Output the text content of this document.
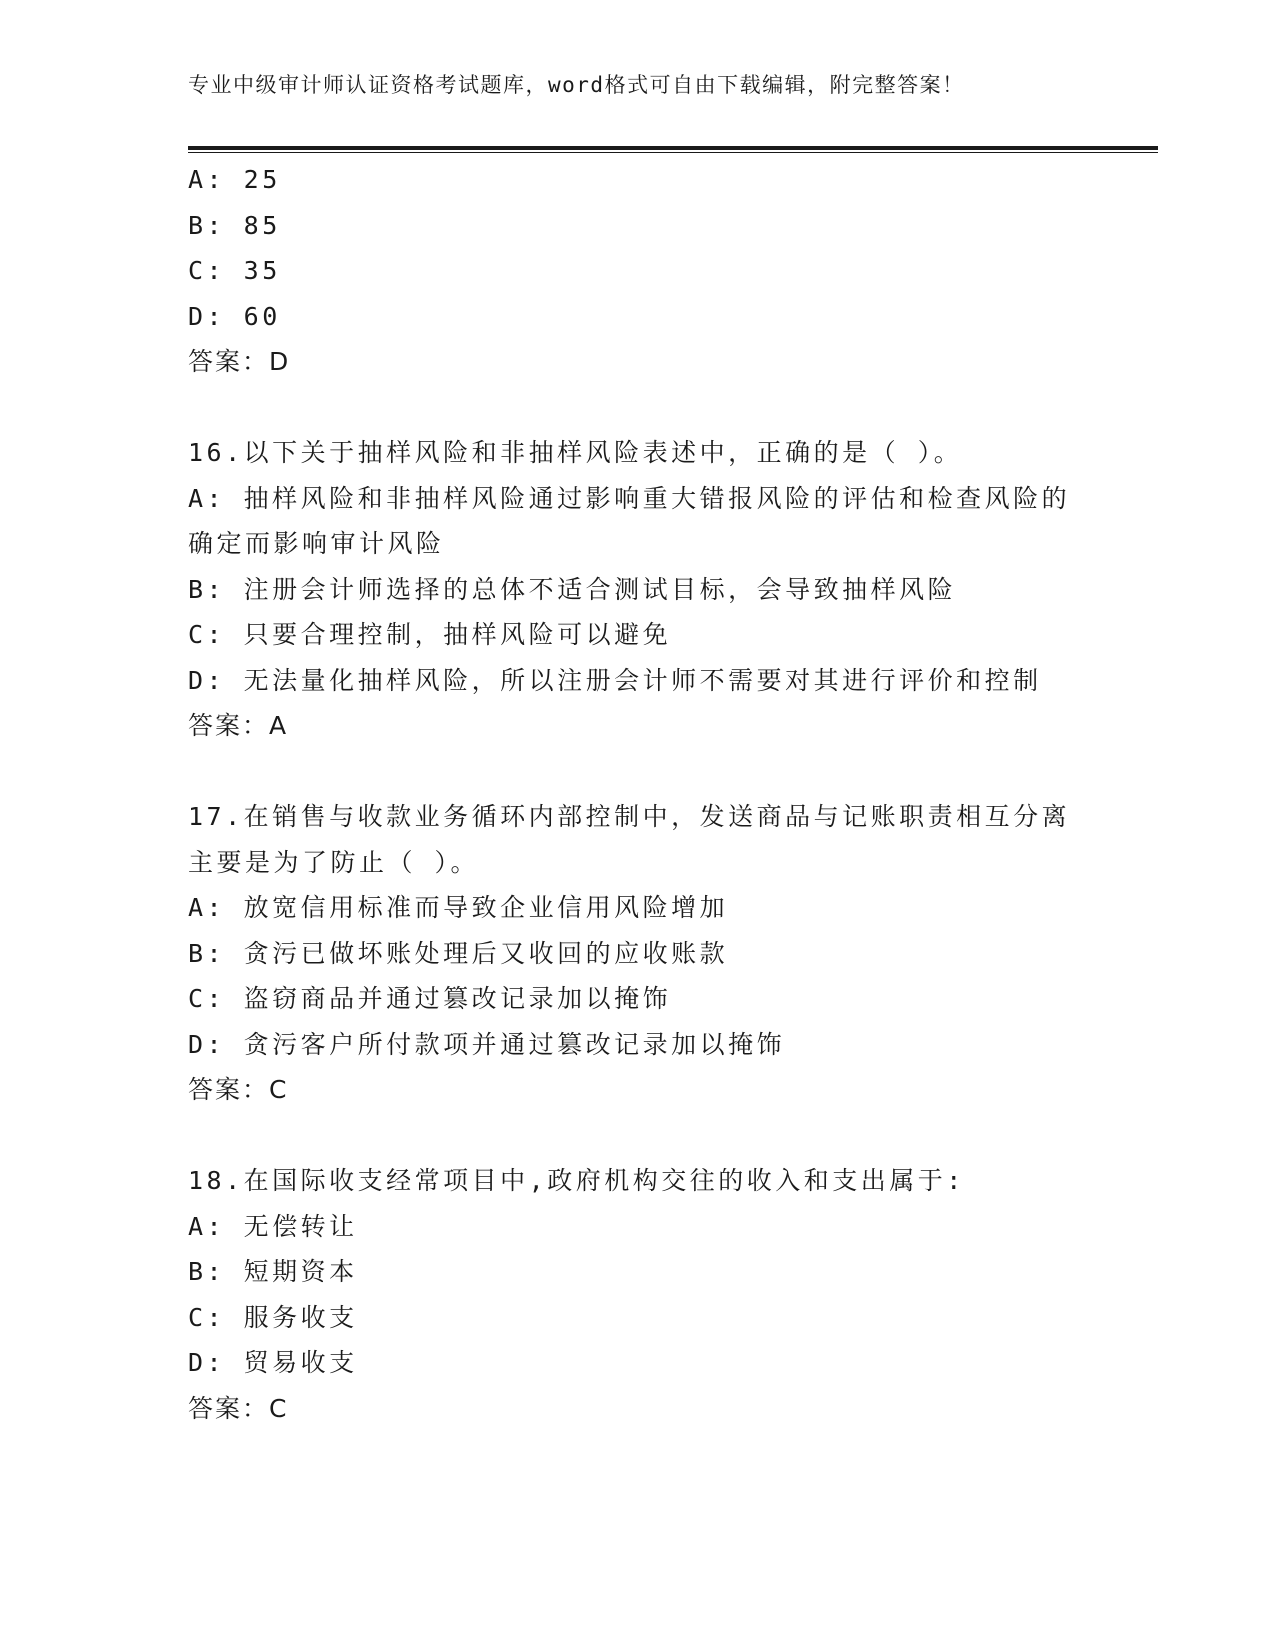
专业中级审计师认证资格考试题库，word格式可自由下载编辑，附完整答案！
A: 25
B: 85
C: 35
D: 60
答案：D
16.以下关于抽样风险和非抽样风险表述中，正确的是（ ）。
A: 抽样风险和非抽样风险通过影响重大错报风险的评估和检查风险的
确定而影响审计风险
B: 注册会计师选择的总体不适合测试目标，会导致抽样风险
C: 只要合理控制，抽样风险可以避免
D: 无法量化抽样风险，所以注册会计师不需要对其进行评价和控制
答案：A
17.在销售与收款业务循环内部控制中，发送商品与记账职责相互分离
主要是为了防止（ ）。
A: 放宽信用标准而导致企业信用风险增加
B: 贪污已做坏账处理后又收回的应收账款
C: 盗窃商品并通过篡改记录加以掩饰
D: 贪污客户所付款项并通过篡改记录加以掩饰
答案：C
18.在国际收支经常项目中,政府机构交往的收入和支出属于:
A: 无偿转让
B: 短期资本
C: 服务收支
D: 贸易收支
答案：C
